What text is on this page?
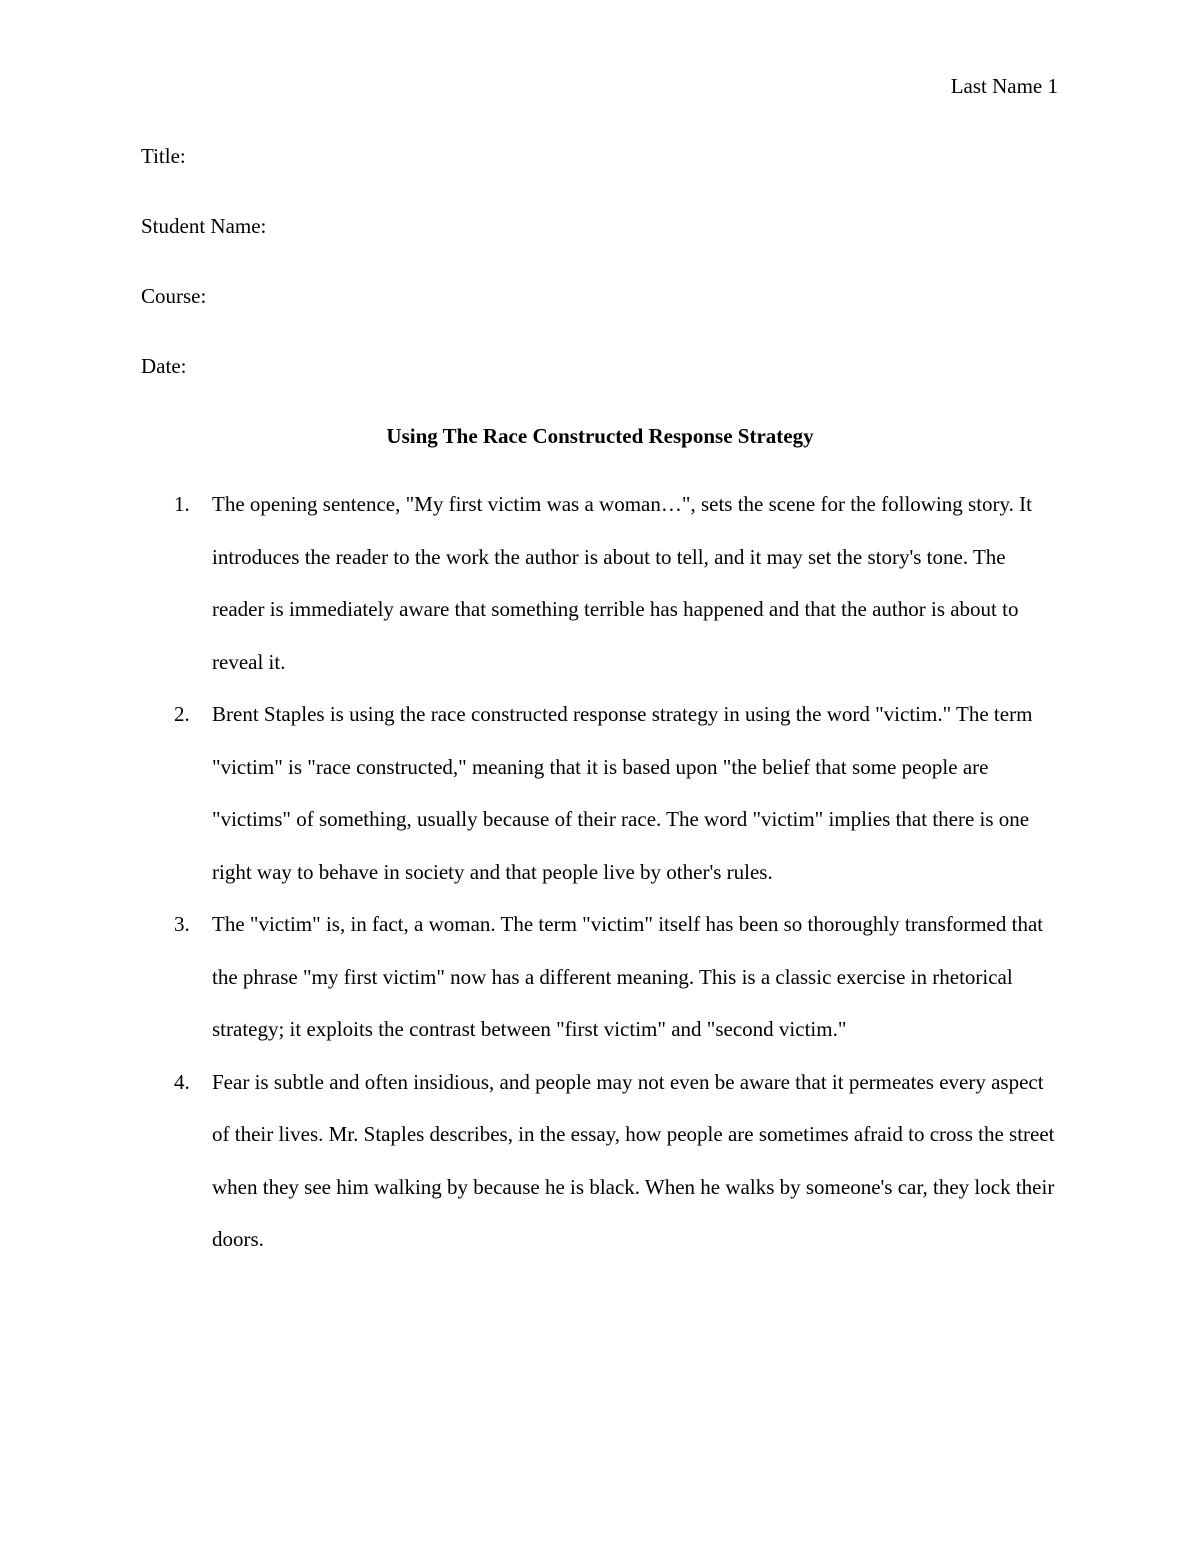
Last Name 1
Title:
Student Name:
Course:
Date:
Using The Race Constructed Response Strategy
1. The opening sentence, "My first victim was a woman…", sets the scene for the following story. It introduces the reader to the work the author is about to tell, and it may set the story's tone. The reader is immediately aware that something terrible has happened and that the author is about to reveal it.
2. Brent Staples is using the race constructed response strategy in using the word "victim." The term "victim" is "race constructed," meaning that it is based upon "the belief that some people are "victims" of something, usually because of their race. The word "victim" implies that there is one right way to behave in society and that people live by other's rules.
3. The "victim" is, in fact, a woman. The term "victim" itself has been so thoroughly transformed that the phrase "my first victim" now has a different meaning. This is a classic exercise in rhetorical strategy; it exploits the contrast between "first victim" and "second victim."
4. Fear is subtle and often insidious, and people may not even be aware that it permeates every aspect of their lives. Mr. Staples describes, in the essay, how people are sometimes afraid to cross the street when they see him walking by because he is black. When he walks by someone's car, they lock their doors.
